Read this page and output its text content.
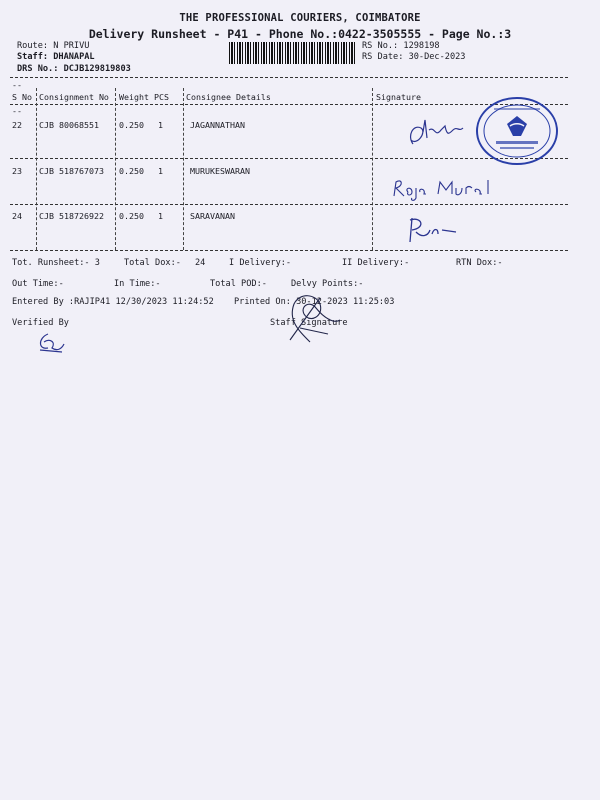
THE PROFESSIONAL COURIERS, COIMBATORE
Delivery Runsheet - P41 - Phone No.:0422-3505555 - Page No.:3
Route: N PRIVU
Staff: DHANAPAL
DRS No.: DCJB129819803
RS No.: 1298198
RS Date: 30-Dec-2023
--
S No Consignment No Weight PCS Consignee Details	Signature
--
22 CJB 80068551 0.250 1	JAGANNATHAN
23 CJB 518767073 0.250 1	MURUKESWARAN
24 CJB 518726922 0.250 1	SARAVANAN
Tot. Runsheet:- 3	Total Dox:- 24	I Delivery:-	II Delivery:-	RTN Dox:-
Out Time:-	In Time:-	Total POD:-	Delvy Points:-
Entered By :RAJIP41 12/30/2023 11:24:52 Printed On: 30-12-2023 11:25:03
Verified By	Staff Signature
